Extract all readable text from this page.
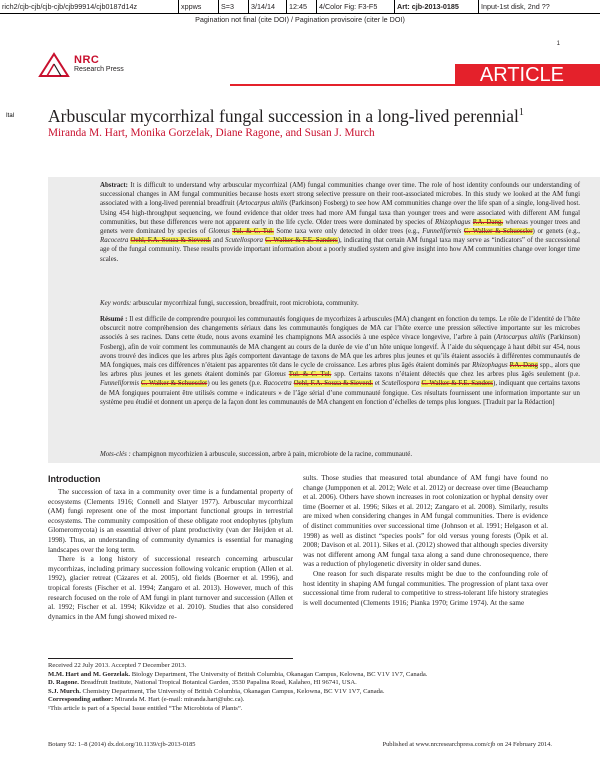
rich2/cjb-cjb/cjb-cjb/cjb99914/cjb0187d14z	xppws	S=3	3/14/14	12:45	4/Color Fig: F3-F5	Art: cjb-2013-0185	Input-1st disk, 2nd ??
Pagination not final (cite DOI) / Pagination provisoire (citer le DOI)
1
NRC
Research Press	ARTICLE
Ital Arbuscular mycorrhizal fungal succession in a long-lived perennial$^1$
Miranda M. Hart, Monika Gorzelak, Diane Ragone, and Susan J. Murch
Abstract: It is difficult to understand why arbuscular mycorrhizal (AM) fungal communities change over time. The role of host identity confounds our understanding of successional changes in AM fungal communities because hosts exert strong selective pressure on their root-associated microbes. In this study we looked at the AM fungi associated with a long-lived perennial breadfruit (Artocarpus altilis (Parkinson) Fosberg) to see how AM communities change over the life span of a single, long-lived host. Using 454 high-throughput sequencing, we found evidence that older trees had more AM fungal taxa than younger trees and were associated with different AM fungal communities, but these differences were not apparent early in the life cycle. Older trees were dominated by species of Rhizophagus P.A. Dang. whereas younger trees and genets were dominated by species of Glomus Tul. & C. Tul. Some taxa were only detected in older trees (e.g., Funneliformis C. Walker & Schuessler) or genets (e.g., Racocetra Oehl, F.A. Souza & Sieverd. and Scutellospora C. Walker & F.E. Sanders), indicating that certain AM fungal taxa may serve as “indicators” of the successional age of the fungal community. These results provide important information about a poorly studied system and give insight into how AM communities change over longer time scales.
Key words: arbuscular mycorrhizal fungi, succession, breadfruit, root microbiota, community.
Résumé : Il est difficile de comprendre pourquoi les communautés fongiques de mycorhizes à arbuscules (MA) changent en fonction du temps. Le rôle de l’identité de l’hôte obscurcit notre compréhension des changements sériaux dans les communautés fongiques de MA car l’hôte exerce une pression sélective importante sur les microbes associés à ses racines. Dans cette étude, nous avons examiné les champignons MA associés à une espèce vivace longevive, l’arbre à pain (Artocarpus altilis (Parkinson) Fosberg), afin de voir comment les communautés de MA changent au cours de la durée de vie d’un hôte unique longevif. À l’aide du séquençage à haut débit sur 454, nous avons trouvé des indices que les arbres plus âgés comportent davantage de taxons de MA que les arbres plus jeunes et qu’ils étaient associés à différentes communautés de MA fongiques, mais ces différences n’étaient pas apparentes tôt dans le cycle de croissance. Les arbres plus âgés étaient dominés par Rhizophagus P.A. Dang spp., alors que les arbres plus jeunes et les genets étaient dominés par Glomus Tul. & C. Tul. spp. Certains taxons n’étaient détectés que chez les arbres plus âgés seulement (p.e. Funneliformis C. Walker & Schuessler) ou les genets (p.e. Racocetra Oehl, F.A. Souza & Sieverd. et Scutellospora C. Walker & F.E. Sanders), indiquant que certains taxons de MA fongiques pourraient être utilisés comme « indicateurs » de l’âge sérial d’une communauté fongique. Ces résultats fournissent une information importante sur un système peu étudié et donnent un aperçu de la façon dont les communautés de MA changent en fonction d’échelles de temps plus longues. [Traduit par la Rédaction]
Mots-clés : champignon mycorhizien à arbuscule, succession, arbre à pain, microbiote de la racine, communauté.
Introduction

The succession of taxa in a community over time is a fundamental property of ecosystems (Clements 1916; Connell and Slatyer 1977). Arbuscular mycorrhizal (AM) fungi represent one of the most important functional groups in terrestrial ecosystems. The community composition of these obligate root endophytes (phylum Glomeromycota) is an essential driver of plant productivity (van der Heijden et al. 1998). Thus, an understanding of community dynamics is essential for managing landscapes over the long term.

There is a long history of successional research concerning arbuscular mycorrhizas, including primary succession following volcanic eruption (Allen et al. 1992), glacier retreat (Cázares et al. 2005), old fields (Boerner et al. 1996), and tropical forests (Fischer et al. 1994; Zangaro et al. 2013). However, much of this research focused on the role of AM fungi in plant turnover and succession (Allen et al. 1992; Fischer et al. 1994; Kikvidze et al. 2010). Studies that also considered dynamics in the AM fungi showed mixed re-

sults. Those studies that measured total abundance of AM fungi have found no change (Jumpponen et al. 2012; Welc et al. 2012) or decrease over time (Beauchamp et al. 2006). Others have shown increases in root colonization or hyphal density over time (Boerner et al. 1996; Sikes et al. 2012; Zangaro et al. 2008). Similarly, results are mixed when considering changes in AM fungal communities. There is evidence of distinct communities over successional time (Johnson et al. 1991; Helgason et al. 1998) as well as distinct “species pools” for old versus young forests (Öpik et al. 2008; Davison et al. 2011). Sikes et al. (2012) showed that although species diversity was not different among AM fungal taxa along a sand dune chronosequence, there was a reduction of phylogenetic diversity in older sand dunes.

One reason for such disparate results might be due to the confounding role of host identity in shaping AM fungal communities. The progression of plant taxa over successional time from ruderal to competitive to stress-tolerant life history strategies is well documented (Clements 1916; Pianka 1970; Grime 1974). At the same

Received 22 July 2013. Accepted 7 December 2013.
M.M. Hart and M. Gorzelak. Biology Department, The University of British Columbia, Okanagan Campus, Kelowna, BC V1V 1V7, Canada.
D. Ragone. Breadfruit Institute, National Tropical Botanical Garden, 3530 Papalina Road, Kalaheo, HI 96741, USA.
S.J. Murch. Chemistry Department, The University of British Columbia, Okanagan Campus, Kelowna, BC V1V 1V7, Canada.
Corresponding author: Miranda M. Hart (e-mail: miranda.hart@ubc.ca).
¹This article is part of a Special Issue entitled “The Microbiota of Plants”.
Botany 92: 1–8 (2014) dx.doi.org/10.1139/cjb-2013-0185	Published at www.nrcresearchpress.com/cjb on 24 February 2014.
